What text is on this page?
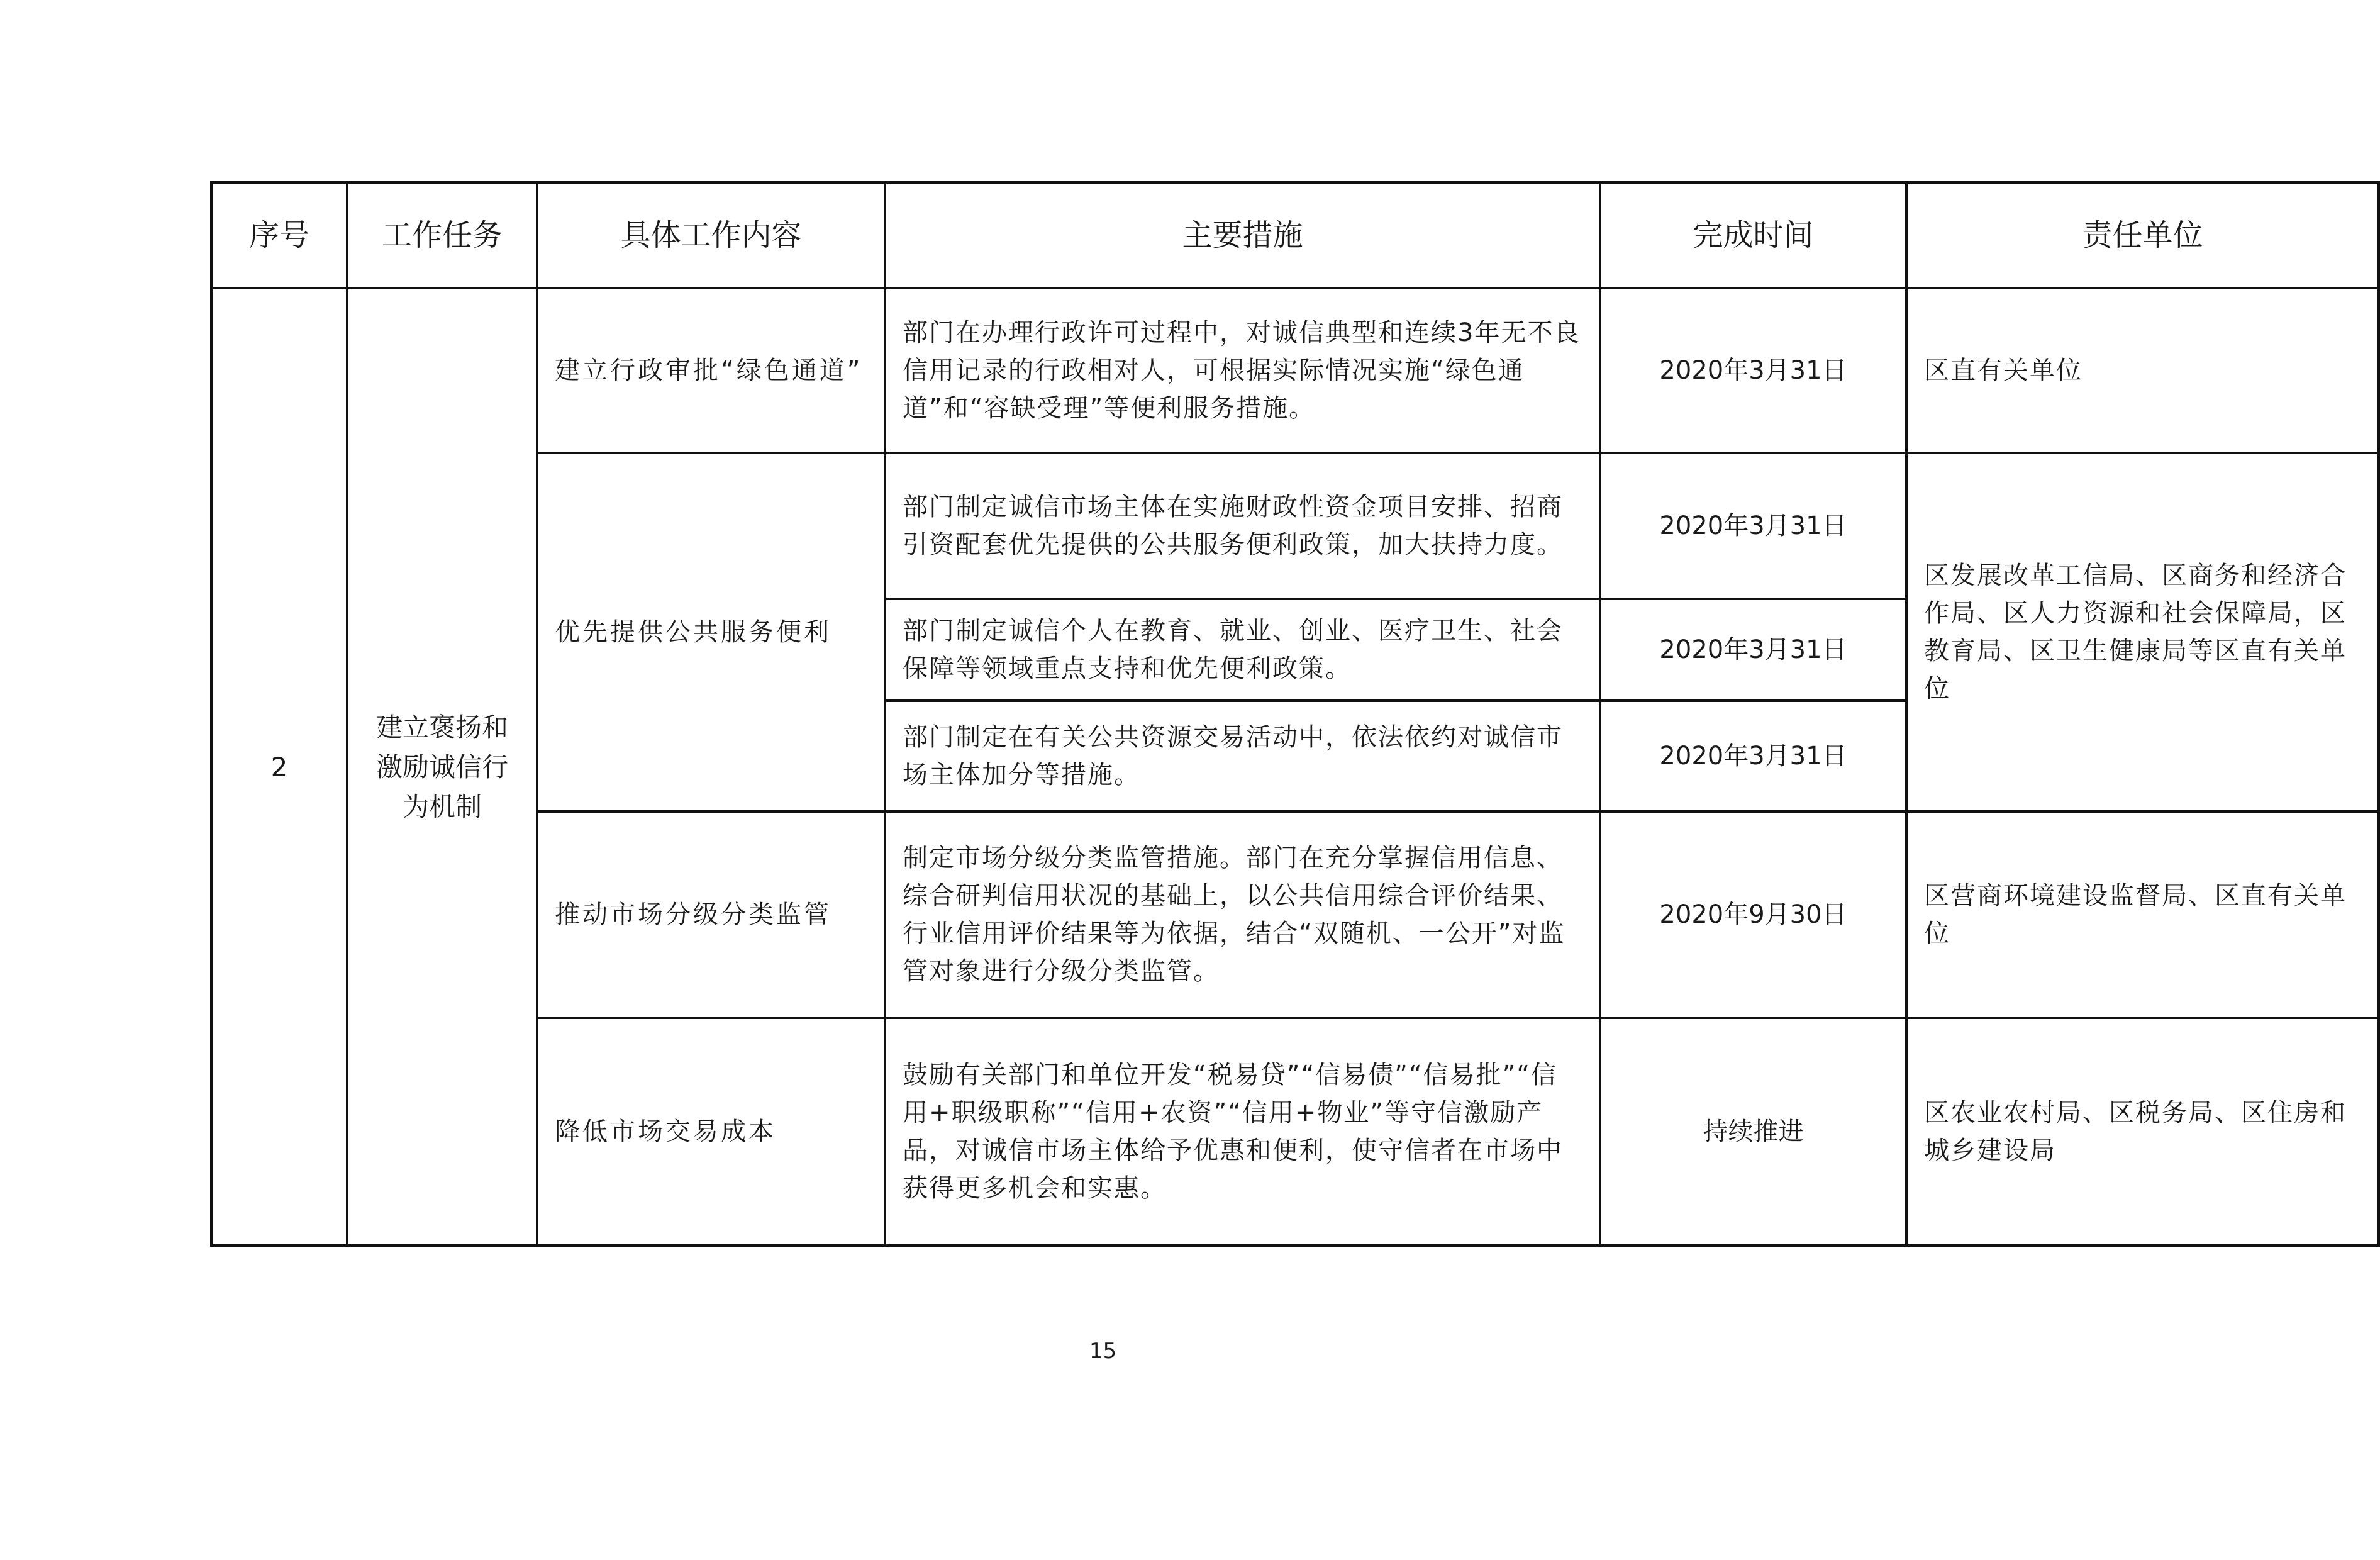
序号	工作任务	具体工作内容	主要措施	完成时间	责任单位
2	建立褒扬和激励诚信行为机制	建立行政审批“绿色通道”	部门在办理行政许可过程中，对诚信典型和连续3年无不良信用记录的行政相对人，可根据实际情况实施“绿色通道”和“容缺受理”等便利服务措施。	2020年3月31日	区直有关单位
		优先提供公共服务便利	部门制定诚信市场主体在实施财政性资金项目安排、招商引资配套优先提供的公共服务便利政策，加大扶持力度。	2020年3月31日	区发展改革工信局、区商务和经济合作局、区人力资源和社会保障局，区教育局、区卫生健康局等区直有关单位
			部门制定诚信个人在教育、就业、创业、医疗卫生、社会保障等领域重点支持和优先便利政策。	2020年3月31日	
			部门制定在有关公共资源交易活动中，依法依约对诚信市场主体加分等措施。	2020年3月31日	
		推动市场分级分类监管	制定市场分级分类监管措施。部门在充分掌握信用信息、综合研判信用状况的基础上，以公共信用综合评价结果、行业信用评价结果等为依据，结合“双随机、一公开”对监管对象进行分级分类监管。	2020年9月30日	区营商环境建设监督局、区直有关单位
		降低市场交易成本	鼓励有关部门和单位开发“税易贷”“信易债”“信易批”“信用+职级职称”“信用+农资”“信用+物业”等守信激励产品，对诚信市场主体给予优惠和便利，使守信者在市场中获得更多机会和实惠。	持续推进	区农业农村局、区税务局、区住房和城乡建设局
15
